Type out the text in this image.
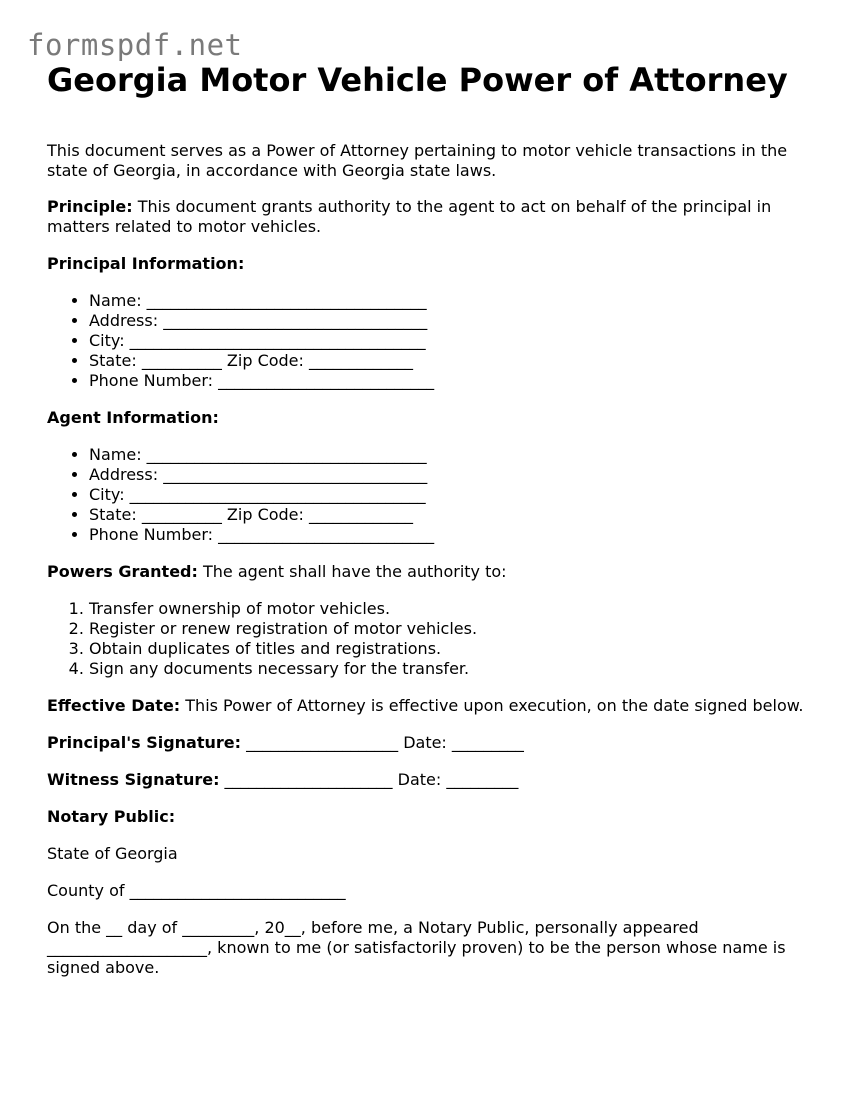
formspdf.net
Georgia Motor Vehicle Power of Attorney

This document serves as a Power of Attorney pertaining to motor vehicle transactions in the state of Georgia, in accordance with Georgia state laws.

Principle: This document grants authority to the agent to act on behalf of the principal in matters related to motor vehicles.

Principal Information:

• Name: ___________________________________
• Address: _________________________________
• City: _____________________________________
• State: __________ Zip Code: _____________
• Phone Number: ___________________________

Agent Information:

• Name: ___________________________________
• Address: _________________________________
• City: _____________________________________
• State: __________ Zip Code: _____________
• Phone Number: ___________________________

Powers Granted: The agent shall have the authority to:

1. Transfer ownership of motor vehicles.
2. Register or renew registration of motor vehicles.
3. Obtain duplicates of titles and registrations.
4. Sign any documents necessary for the transfer.

Effective Date: This Power of Attorney is effective upon execution, on the date signed below.

Principal's Signature: ___________________ Date: _________

Witness Signature: _____________________ Date: _________

Notary Public:

State of Georgia

County of ___________________________

On the __ day of _________, 20__, before me, a Notary Public, personally appeared ____________________, known to me (or satisfactorily proven) to be the person whose name is signed above.
